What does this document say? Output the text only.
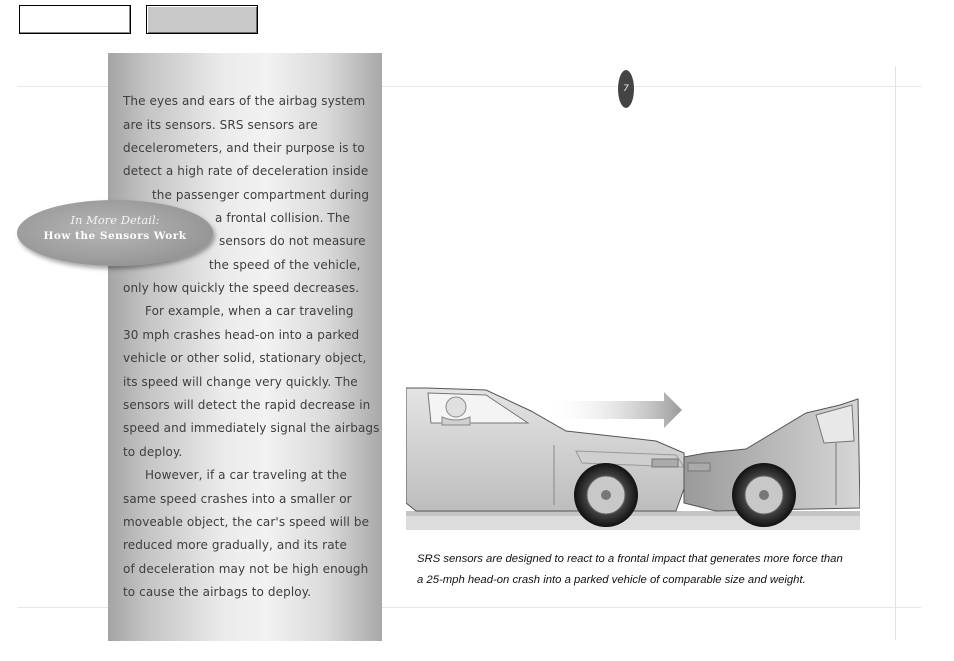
The eyes and ears of the airbag system
are its sensors. SRS sensors are
decelerometers, and their purpose is to
detect a high rate of deceleration inside
the passenger compartment during
a frontal collision. The
sensors do not measure
the speed of the vehicle,
only how quickly the speed decreases.
For example, when a car traveling
30 mph crashes head-on into a parked
vehicle or other solid, stationary object,
its speed will change very quickly. The
sensors will detect the rapid decrease in
speed and immediately signal the airbags
to deploy.
However, if a car traveling at the
same speed crashes into a smaller or
moveable object, the car's speed will be
reduced more gradually, and its rate
of deceleration may not be high enough
to cause the airbags to deploy.
In More Detail:
How the Sensors Work
7
SRS sensors are designed to react to a frontal impact that generates more force than
a 25-mph head-on crash into a parked vehicle of comparable size and weight.
